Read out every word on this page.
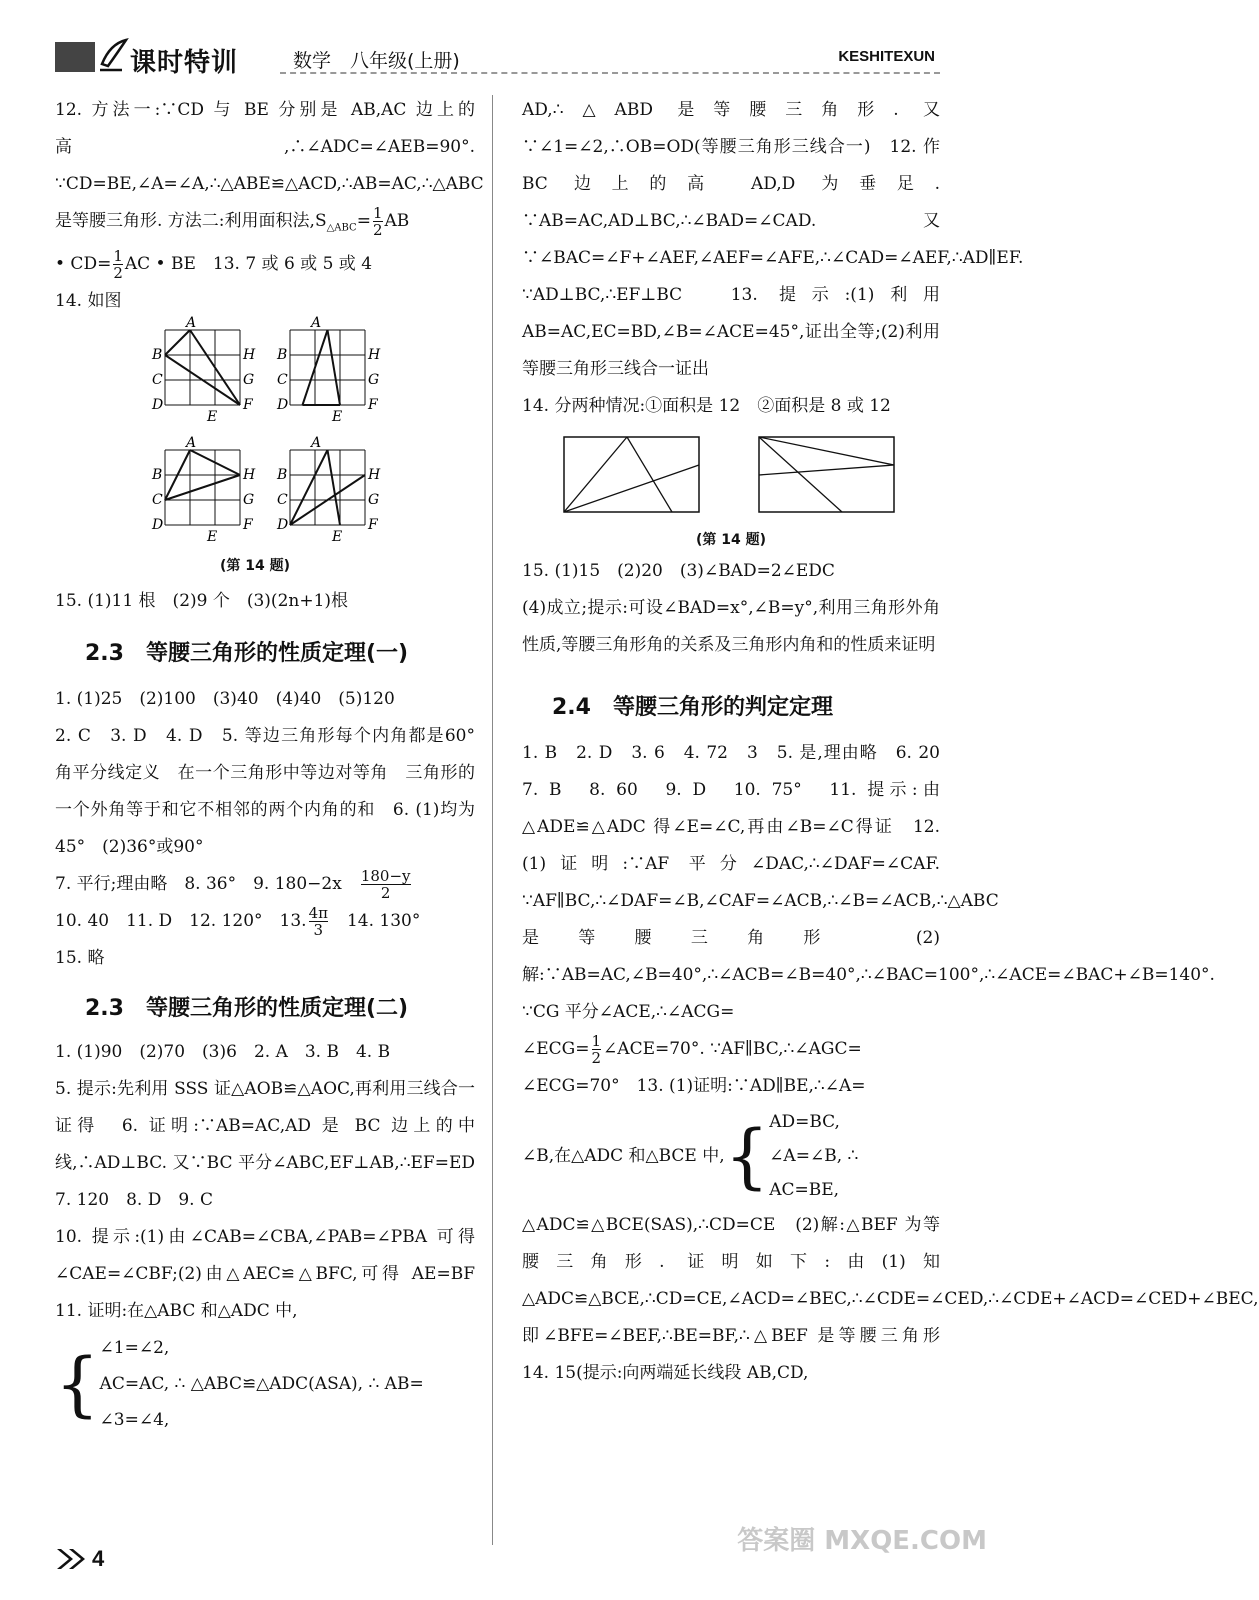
课时特训	数学　八年级(上册)	KESHITEXUN

12. 方法一:∵CD 与 BE 分别是 AB,AC 边上的高,∴∠ADC=∠AEB=90°. ∵CD=BE,∠A=∠A,∴△ABE≌△ACD,∴AB=AC,∴△ABC是等腰三角形. 方法二:利用面积法$,S_{\triangle ABC}= \frac{1}{2}$ AB

• $CD= \frac{1}{2}$ AC • BE　13. 7 或 6 或 5 或 4

14. 如图

A
B
C
D
E
F
G
H
A
B
C
D
E
F
G
H
A
B
C
D
E
F
G
H
A
B
C
D
E
F
G
H
(第 14 题)

15. (1)11 根　(2)9 个　(3)(2n+1)根

2.3　等腰三角形的性质定理(一)

1. (1)25　(2)100　(3)40　(4)40　(5)120

2. C　3. D　4. D　5. 等边三角形每个内角都是60°　角平分线定义　在一个三角形中等边对等角　三角形的一个外角等于和它不相邻的两个内角的和　6. (1)均为45°　(2)36°或90°

7. 平行;理由略　8. 36°　9. 180−2x　 $\frac{180-y}{2}$

10. 40　11. D　12. 120°　13. $\frac{4\pi}{3}$
　 14. 130°

15. 略

2.3　等腰三角形的性质定理(二)

1. (1)90　(2)70　(3)6　2. A　3. B　4. B

5. 提示:先利用 SSS 证△AOB≌△AOC,再利用三线合一证得　6. 证明:∵AB=AC,AD 是 BC 边上的中线,∴AD⊥BC. 又∵BC 平分∠ABC,EF⊥AB,∴EF=ED　7. 120　8. D　9. C

10. 提示:(1)由∠CAB=∠CBA,∠PAB=∠PBA 可得∠CAE=∠CBF;(2)由△AEC≌△BFC,可得 AE=BF　11. 证明:在△ABC 和△ADC 中,

{ ∠1=∠2,
AC=AC, ∴ △ABC≌△ADC(ASA), ∴ AB=
∠3=∠4,

AD,∴△ABD 是等腰三角形. 又∵∠1=∠2,∴OB=OD(等腰三角形三线合一)　12. 作 BC 边上的高 AD,D 为垂足. ∵AB=AC,AD⊥BC,∴∠BAD=∠CAD. 又∵∠BAC=∠F+∠AEF,∠AEF=∠AFE,∴∠CAD=∠AEF,∴AD∥EF. ∵AD⊥BC,∴EF⊥BC　13. 提示:(1)利用 AB=AC,EC=BD,∠B=∠ACE=45°,证出全等;(2)利用等腰三角形三线合一证出

14. 分两种情况:①面积是 12　②面积是 8 或 12

(第 14 题)

15. (1)15　(2)20　(3)∠BAD=2∠EDC

(4)成立;提示:可设∠BAD=x°,∠B=y°,利用三角形外角性质,等腰三角形角的关系及三角形内角和的性质来证明

2.4　等腰三角形的判定定理

1. B　2. D　3. 6　4. 72　3　5. 是,理由略　6. 20　7. B　8. 60　9. D　10. 75°　11. 提示:由△ADE≌△ADC 得∠E=∠C,再由∠B=∠C得证　12. (1)证明:∵AF 平分∠DAC,∴∠DAF=∠CAF. ∵AF∥BC,∴∠DAF=∠B,∠CAF=∠ACB,∴∠B=∠ACB,∴△ABC 是等腰三角形　(2)解:∵AB=AC,∠B=40°,∴∠ACB=∠B=40°,∴∠BAC=100°,∴∠ACE=∠BAC+∠B=140°. ∵CG 平分∠ACE,∴∠ACG=

∠ECG= $\frac{1}{2}$ ∠ACE=70°. ∵AF∥BC,∴∠AGC=

∠ECG=70°　13. (1)证明:∵AD∥BE,∴∠A=

∠B,在△ADC 和△BCE 中, { AD=BC,
∠A=∠B, ∴
AC=BE,

△ADC≌△BCE(SAS),∴CD=CE　(2)解:△BEF 为等腰三角形. 证明如下:由(1)知△ADC≌△BCE,∴CD=CE,∠ACD=∠BEC,∴∠CDE=∠CED,∴∠CDE+∠ACD=∠CED+∠BEC,即∠BFE=∠BEF,∴BE=BF,∴△BEF 是等腰三角形　14. 15(提示:向两端延长线段 AB,CD,

4
答案圈 MXQE.COM
